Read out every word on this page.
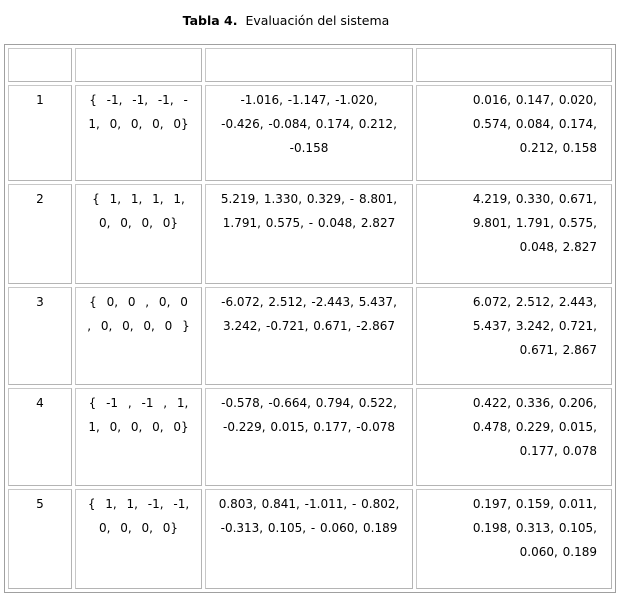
Tabla 4. Evaluación del sistema

1	{ -1, -1, -1, - 1, 0, 0, 0, 0}	-1.016, -1.147, -1.020, -0.426, -0.084, 0.174, 0.212, -0.158	0.016, 0.147, 0.020, 0.574, 0.084, 0.174, 0.212, 0.158

2	{ 1, 1, 1, 1, 0, 0, 0, 0}	5.219, 1.330, 0.329, - 8.801, 1.791, 0.575, - 0.048, 2.827	4.219, 0.330, 0.671, 9.801, 1.791, 0.575, 0.048, 2.827

3	{ 0, 0 , 0, 0 , 0, 0, 0, 0 }	-6.072, 2.512, -2.443, 5.437, 3.242, -0.721, 0.671, -2.867	6.072, 2.512, 2.443, 5.437, 3.242, 0.721, 0.671, 2.867

4	{ -1 , -1 , 1, 1, 0, 0, 0, 0}	-0.578, -0.664, 0.794, 0.522, -0.229, 0.015, 0.177, -0.078	0.422, 0.336, 0.206, 0.478, 0.229, 0.015, 0.177, 0.078

5	{ 1, 1, -1, -1, 0, 0, 0, 0}	0.803, 0.841, -1.011, - 0.802, -0.313, 0.105, - 0.060, 0.189	0.197, 0.159, 0.011, 0.198, 0.313, 0.105, 0.060, 0.189
